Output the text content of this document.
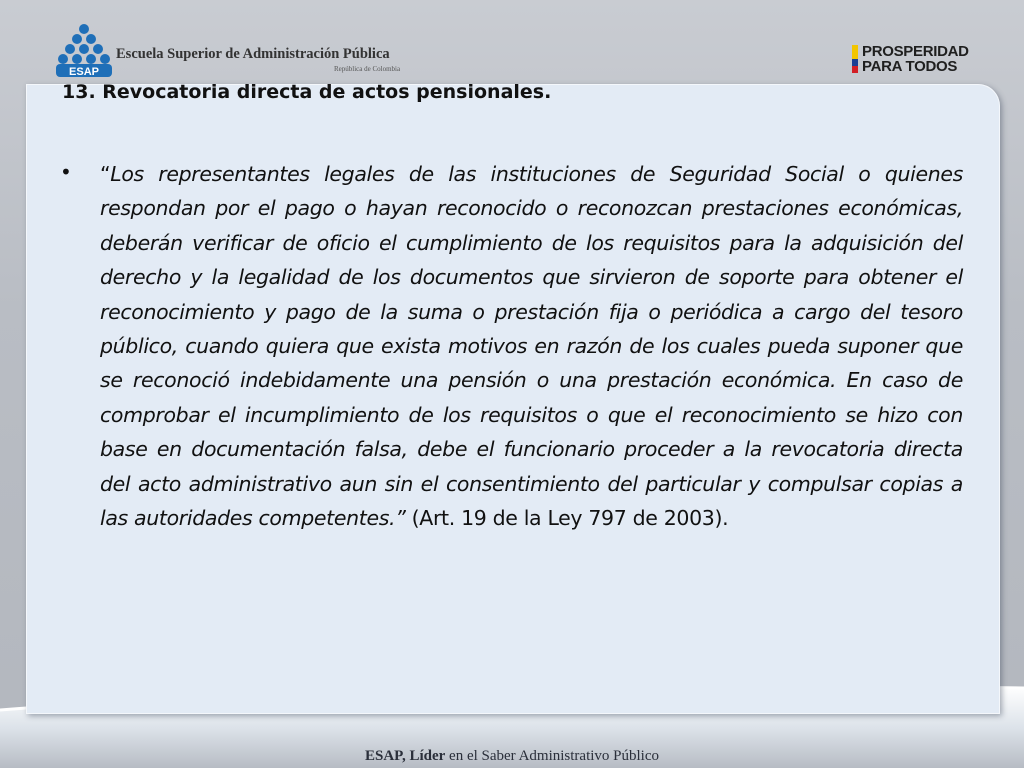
ESAP
Escuela Superior de Administración Pública
República de Colombia
PROSPERIDAD
PARA TODOS
13. Revocatoria directa de actos pensionales.
• “Los representantes legales de las instituciones de Seguridad Social o quienes respondan por el pago o hayan reconocido o reconozcan prestaciones económicas, deberán verificar de oficio el cumplimiento de los requisitos para la adquisición del derecho y la legalidad de los documentos que sirvieron de soporte para obtener el reconocimiento y pago de la suma o prestación fija o periódica a cargo del tesoro público, cuando quiera que exista motivos en razón de los cuales pueda suponer que se reconoció indebidamente una pensión o una prestación económica. En caso de comprobar el incumplimiento de los requisitos o que el reconocimiento se hizo con base en documentación falsa, debe el funcionario proceder a la revocatoria directa del acto administrativo aun sin el consentimiento del particular y compulsar copias a las autoridades competentes.” (Art. 19 de la Ley 797 de 2003).
ESAP, Líder en el Saber Administrativo Público
